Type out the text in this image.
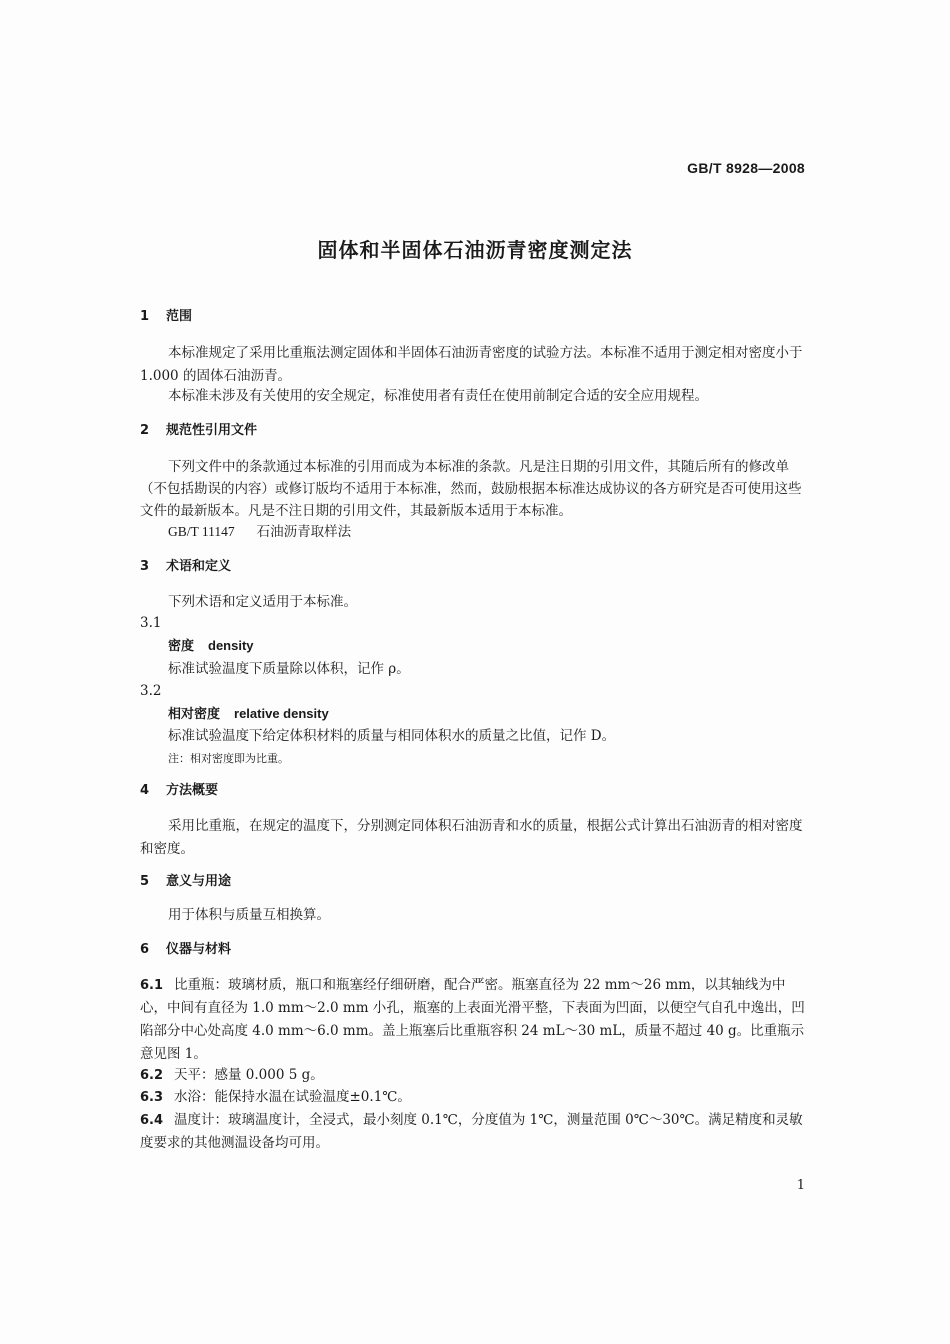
GB/T 8928—2008
固体和半固体石油沥青密度测定法
1 范围
本标准规定了采用比重瓶法测定固体和半固体石油沥青密度的试验方法。本标准不适用于测定相对密度小于 1.000 的固体石油沥青。
本标准未涉及有关使用的安全规定，标准使用者有责任在使用前制定合适的安全应用规程。
2 规范性引用文件
下列文件中的条款通过本标准的引用而成为本标准的条款。凡是注日期的引用文件，其随后所有的修改单（不包括勘误的内容）或修订版均不适用于本标准，然而，鼓励根据本标准达成协议的各方研究是否可使用这些文件的最新版本。凡是不注日期的引用文件，其最新版本适用于本标准。
GB/T 11147 石油沥青取样法
3 术语和定义
下列术语和定义适用于本标准。
3.1
密度 density
标准试验温度下质量除以体积，记作 ρ。
3.2
相对密度 relative density
标准试验温度下给定体积材料的质量与相同体积水的质量之比值，记作 D。
注：相对密度即为比重。
4 方法概要
采用比重瓶，在规定的温度下，分别测定同体积石油沥青和水的质量，根据公式计算出石油沥青的相对密度和密度。
5 意义与用途
用于体积与质量互相换算。
6 仪器与材料
6.1 比重瓶：玻璃材质，瓶口和瓶塞经仔细研磨，配合严密。瓶塞直径为 22 mm～26 mm，以其轴线为中心，中间有直径为 1.0 mm～2.0 mm 小孔，瓶塞的上表面光滑平整，下表面为凹面，以便空气自孔中逸出，凹陷部分中心处高度 4.0 mm～6.0 mm。盖上瓶塞后比重瓶容积 24 mL～30 mL，质量不超过 40 g。比重瓶示意见图 1。
6.2 天平：感量 0.000 5 g。
6.3 水浴：能保持水温在试验温度±0.1℃。
6.4 温度计：玻璃温度计，全浸式，最小刻度 0.1℃，分度值为 1℃，测量范围 0℃～30℃。满足精度和灵敏度要求的其他测温设备均可用。
1
